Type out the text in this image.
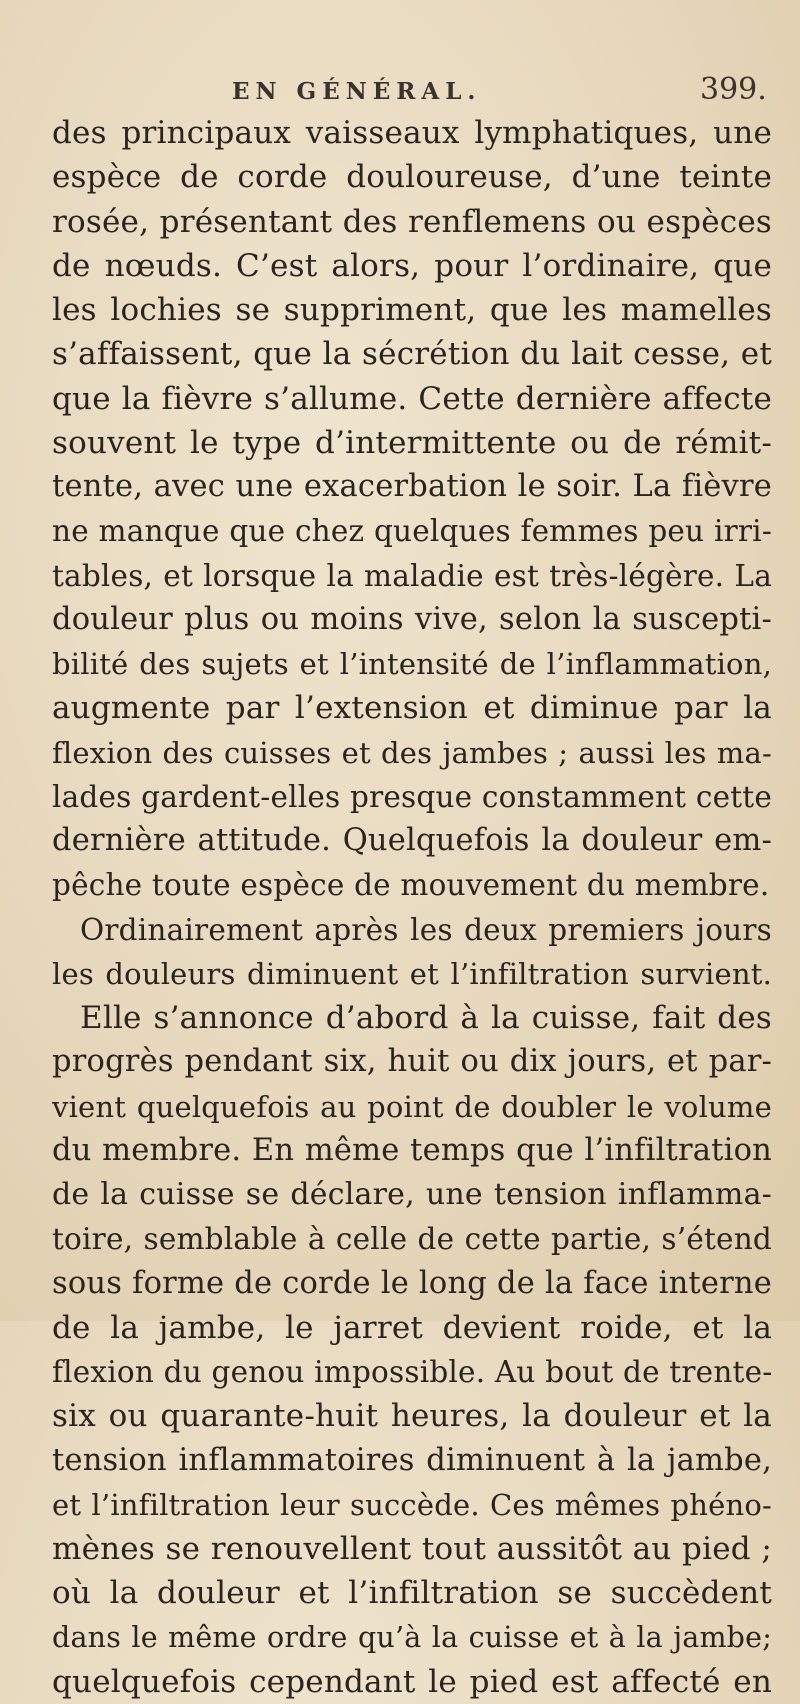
EN GÉNÉRAL.	399.
des principaux vaisseaux lymphatiques, une
espèce de corde douloureuse, d’une teinte
rosée, présentant des renflemens ou espèces
de nœuds. C’est alors, pour l’ordinaire, que
les lochies se suppriment, que les mamelles
s’affaissent, que la sécrétion du lait cesse, et
que la fièvre s’allume. Cette dernière affecte
souvent le type d’intermittente ou de rémit-
tente, avec une exacerbation le soir. La fièvre
ne manque que chez quelques femmes peu irri-
tables, et lorsque la maladie est très-légère. La
douleur plus ou moins vive, selon la suscepti-
bilité des sujets et l’intensité de l’inflammation,
augmente par l’extension et diminue par la
flexion des cuisses et des jambes ; aussi les ma-
lades gardent-elles presque constamment cette
dernière attitude. Quelquefois la douleur em-
pêche toute espèce de mouvement du membre.
Ordinairement après les deux premiers jours
les douleurs diminuent et l’infiltration survient.
Elle s’annonce d’abord à la cuisse, fait des
progrès pendant six, huit ou dix jours, et par-
vient quelquefois au point de doubler le volume
du membre. En même temps que l’infiltration
de la cuisse se déclare, une tension inflamma-
toire, semblable à celle de cette partie, s’étend
sous forme de corde le long de la face interne
de la jambe, le jarret devient roide, et la
flexion du genou impossible. Au bout de trente-
six ou quarante-huit heures, la douleur et la
tension inflammatoires diminuent à la jambe,
et l’infiltration leur succède. Ces mêmes phéno-
mènes se renouvellent tout aussitôt au pied ;
où la douleur et l’infiltration se succèdent
dans le même ordre qu’à la cuisse et à la jambe;
quelquefois cependant le pied est affecté en
